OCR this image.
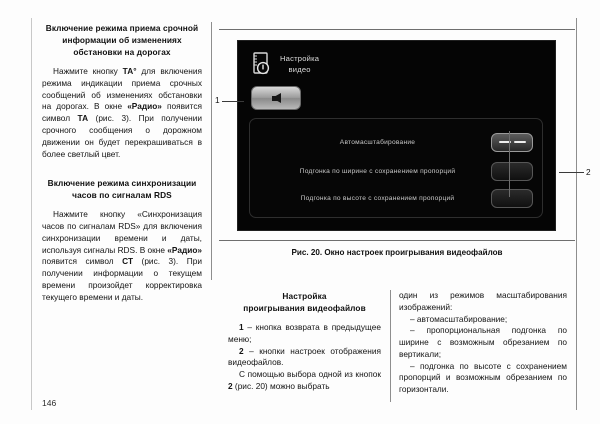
Включение режима приема срочной информации об изменениях обстановки на дорогах
Нажмите кнопку ТА° для включения режима индикации приема срочных сообщений об изменениях обстановки на дорогах. В окне «Радио» появится символ ТА (рис. 3). При получении срочного сообщения о дорожном движении он будет перекрашиваться в более светлый цвет.
Включение режима синхронизации часов по сигналам RDS
Нажмите кнопку «Синхронизация часов по сигналам RDS» для включения синхронизации времени и даты, используя сигналы RDS. В окне «Радио» появится символ СТ (рис. 3). При получении информации о текущем времени произойдет корректировка текущего времени и даты.
146
Настройка
видео
Автомасштабирование
Подгонка по ширине с сохранением пропорций
Подгонка по высоте с сохранением пропорций
1
2
Рис. 20. Окно настроек проигрывания видеофайлов
Настройка
проигрывания видеофайлов
1 – кнопка возврата в предыдущее меню;
2 – кнопки настроек отображения видеофайлов.
С помощью выбора одной из кнопок 2 (рис. 20) можно выбрать
один из режимов масштабирования изображений:
– автомасштабирование;
– пропорциональная подгонка по ширине с возможным обрезанием по вертикали;
– подгонка по высоте с сохранением пропорций и возможным обрезанием по горизонтали.
